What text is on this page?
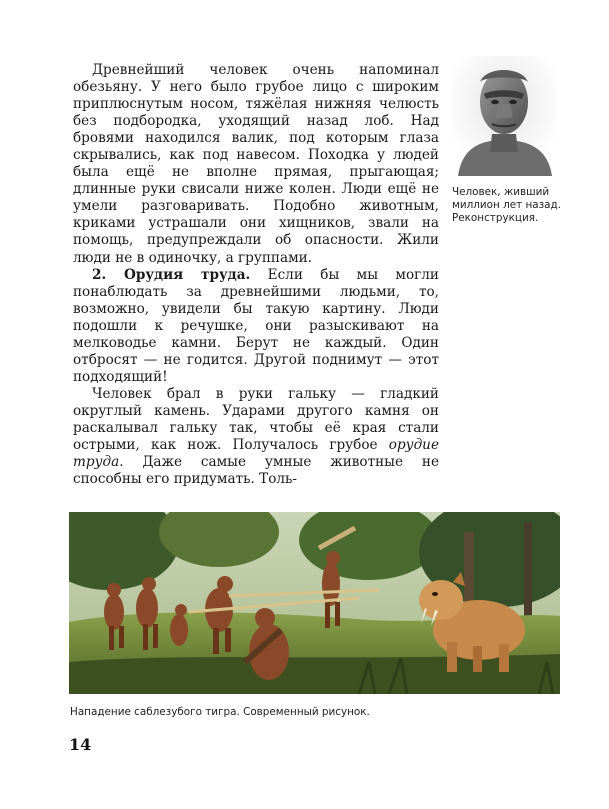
Древнейший человек очень напоминал обезьяну. У него было грубое лицо с широким приплюснутым носом, тяжёлая нижняя челюсть без подбородка, уходящий назад лоб. Над бровями находился валик, под которым глаза скрывались, как под навесом. Походка у людей была ещё не вполне прямая, прыгающая; длинные руки свисали ниже колен. Люди ещё не умели разговаривать. Подобно животным, криками устрашали они хищников, звали на помощь, предупреждали об опасности. Жили люди не в одиночку, а группами.

2. Орудия труда. Если бы мы могли понаблюдать за древнейшими людьми, то, возможно, увидели бы такую картину. Люди подошли к речушке, они разыскивают на мелководье камни. Берут не каждый. Один отбросят — не годится. Другой поднимут — этот подходящий!

Человек брал в руки гальку — гладкий округлый камень. Ударами другого камня он раскалывал гальку так, чтобы её края стали острыми, как нож. Получалось грубое орудие труда. Даже самые умные животные не способны его придумать. Толь-

Человек, живший миллион лет назад. Реконструкция.
Нападение саблезубого тигра. Современный рисунок.
14
